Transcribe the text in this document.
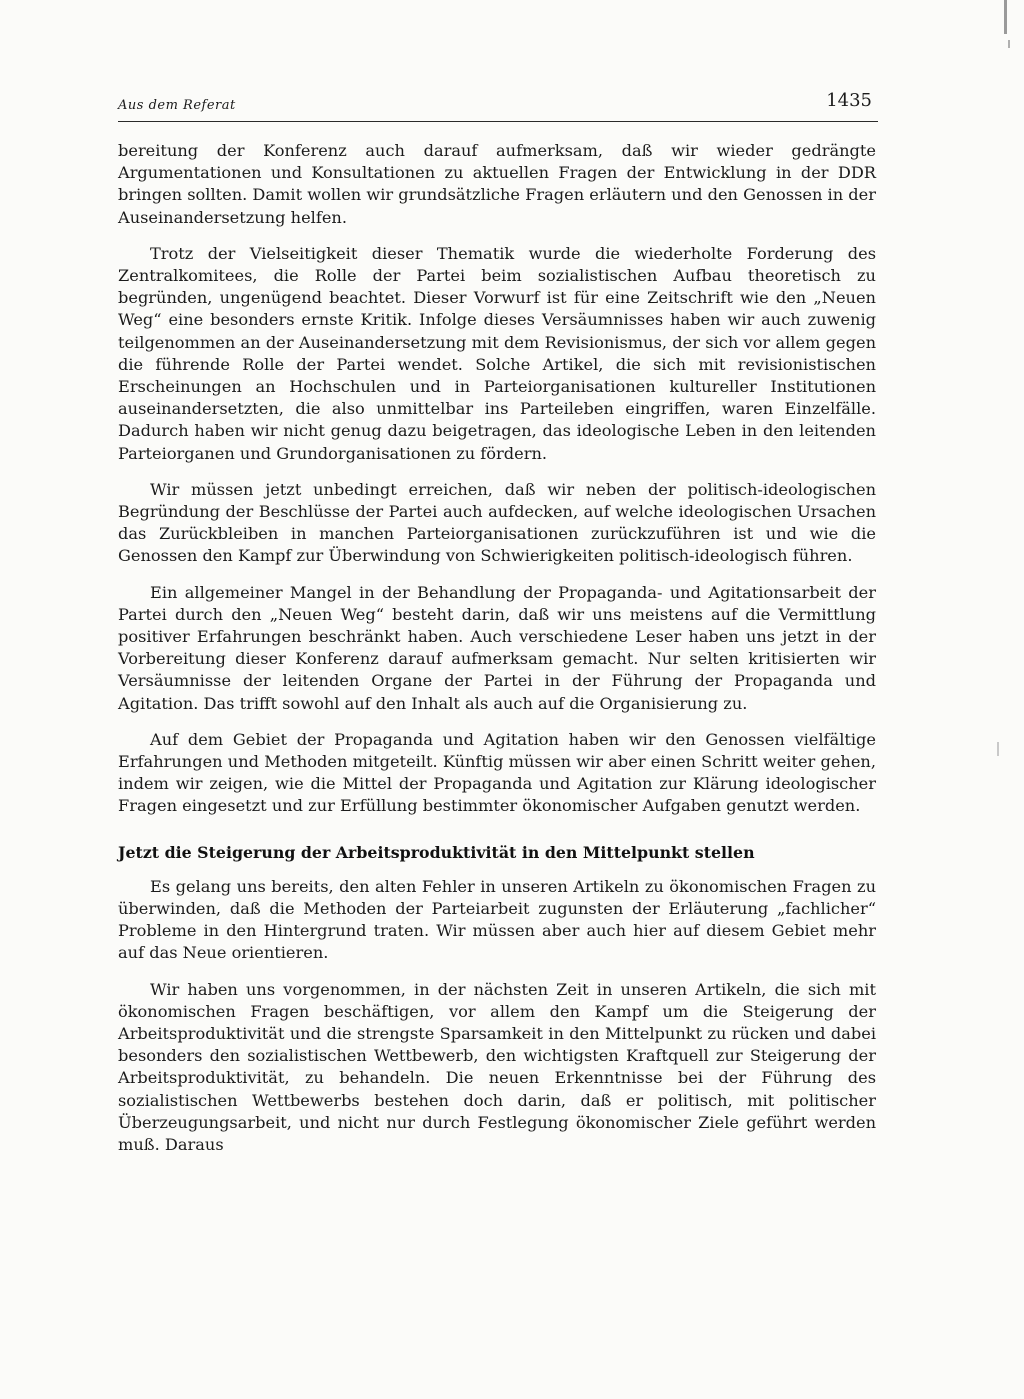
Aus dem Referat	1435

bereitung der Konferenz auch darauf aufmerksam, daß wir wieder gedrängte Argumentationen und Konsultationen zu aktuellen Fragen der Entwicklung in der DDR bringen sollten. Damit wollen wir grundsätzliche Fragen erläutern und den Genossen in der Auseinandersetzung helfen.

Trotz der Vielseitigkeit dieser Thematik wurde die wiederholte Forderung des Zentralkomitees, die Rolle der Partei beim sozialistischen Aufbau theoretisch zu begründen, ungenügend beachtet. Dieser Vorwurf ist für eine Zeitschrift wie den „Neuen Weg“ eine besonders ernste Kritik. Infolge dieses Versäumnisses haben wir auch zuwenig teilgenommen an der Auseinandersetzung mit dem Revisionismus, der sich vor allem gegen die führende Rolle der Partei wendet. Solche Artikel, die sich mit revisionistischen Erscheinungen an Hochschulen und in Parteiorganisationen kultureller Institutionen auseinandersetzten, die also unmittelbar ins Parteileben eingriffen, waren Einzelfälle. Dadurch haben wir nicht genug dazu beigetragen, das ideologische Leben in den leitenden Parteiorganen und Grundorganisationen zu fördern.

Wir müssen jetzt unbedingt erreichen, daß wir neben der politisch-ideologischen Begründung der Beschlüsse der Partei auch aufdecken, auf welche ideologischen Ursachen das Zurückbleiben in manchen Parteiorganisationen zurückzuführen ist und wie die Genossen den Kampf zur Überwindung von Schwierigkeiten politisch-ideologisch führen.

Ein allgemeiner Mangel in der Behandlung der Propaganda- und Agitationsarbeit der Partei durch den „Neuen Weg“ besteht darin, daß wir uns meistens auf die Vermittlung positiver Erfahrungen beschränkt haben. Auch verschiedene Leser haben uns jetzt in der Vorbereitung dieser Konferenz darauf aufmerksam gemacht. Nur selten kritisierten wir Versäumnisse der leitenden Organe der Partei in der Führung der Propaganda und Agitation. Das trifft sowohl auf den Inhalt als auch auf die Organisierung zu.

Auf dem Gebiet der Propaganda und Agitation haben wir den Genossen vielfältige Erfahrungen und Methoden mitgeteilt. Künftig müssen wir aber einen Schritt weiter gehen, indem wir zeigen, wie die Mittel der Propaganda und Agitation zur Klärung ideologischer Fragen eingesetzt und zur Erfüllung bestimmter ökonomischer Aufgaben genutzt werden.

Jetzt die Steigerung der Arbeitsproduktivität in den Mittelpunkt stellen

Es gelang uns bereits, den alten Fehler in unseren Artikeln zu ökonomischen Fragen zu überwinden, daß die Methoden der Parteiarbeit zugunsten der Erläuterung „fachlicher“ Probleme in den Hintergrund traten. Wir müssen aber auch hier auf diesem Gebiet mehr auf das Neue orientieren.

Wir haben uns vorgenommen, in der nächsten Zeit in unseren Artikeln, die sich mit ökonomischen Fragen beschäftigen, vor allem den Kampf um die Steigerung der Arbeitsproduktivität und die strengste Sparsamkeit in den Mittelpunkt zu rücken und dabei besonders den sozialistischen Wettbewerb, den wichtigsten Kraftquell zur Steigerung der Arbeitsproduktivität, zu behandeln. Die neuen Erkenntnisse bei der Führung des sozialistischen Wettbewerbs bestehen doch darin, daß er politisch, mit politischer Überzeugungsarbeit, und nicht nur durch Festlegung ökonomischer Ziele geführt werden muß. Daraus
